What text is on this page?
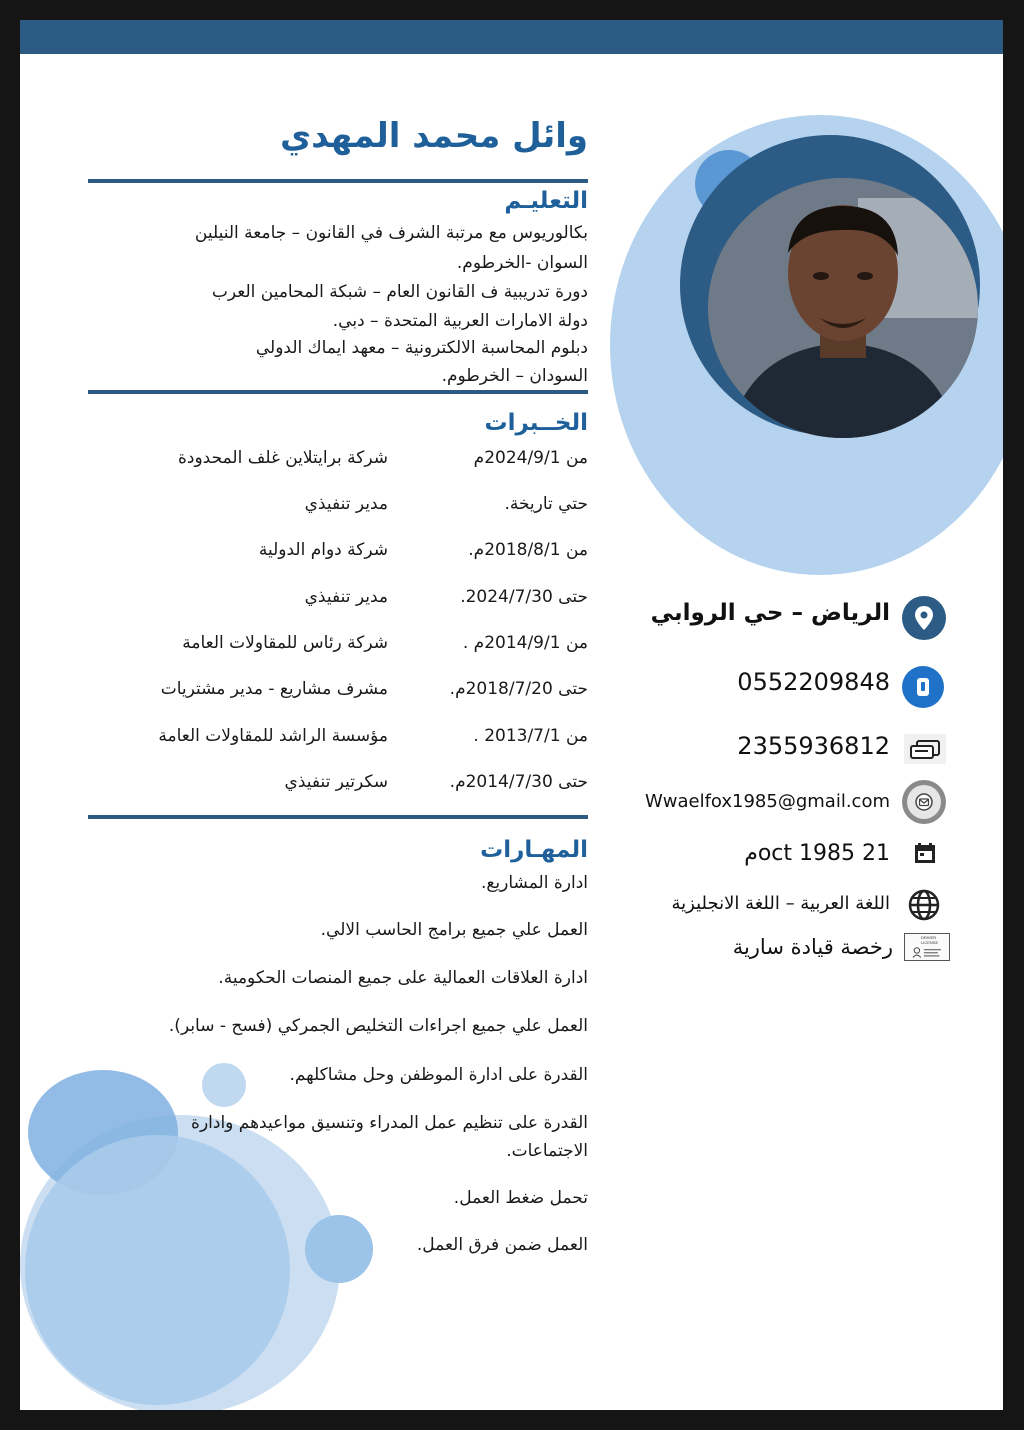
وائل محمد المهدي
التعليـم
بكالوريوس مع مرتبة الشرف في القانون – جامعة النيلين
السوان -الخرطوم.
دورة تدريبية ف القانون العام – شبكة المحامين العرب
دولة الامارات العربية المتحدة – دبي.
دبلوم المحاسبة الالكترونية – معهد ايماك الدولي
السودان – الخرطوم.
الخــبرات
من 2024/9/1م
شركة برايتلاين غلف المحدودة
حتي تاريخة.
مدير تنفيذي
من 2018/8/1م.
شركة دوام الدولية
حتى 2024/7/30.
مدير تنفيذي
من 2014/9/1م .
شركة رئاس للمقاولات العامة
حتى 2018/7/20م.
مشرف مشاريع - مدير مشتريات
من 2013/7/1 .
مؤسسة الراشد للمقاولات العامة
حتى 2014/7/30م.
سكرتير تنفيذي
المهـارات
ادارة المشاريع.
العمل علي جميع برامج الحاسب الالي.
ادارة العلاقات العمالية على جميع المنصات الحكومية.
العمل علي جميع اجراءات التخليص الجمركي (فسح - سابر).
القدرة على ادارة الموظفن وحل مشاكلهم.
القدرة على تنظيم عمل المدراء وتنسيق مواعيدهم وادارة
الاجتماعات.
تحمل ضغط العمل.
العمل ضمن فرق العمل.
الرياض – حي الروابي
0552209848
2355936812
Wwaelfox1985@gmail.com
21 oct 1985م
اللغة العربية – اللغة الانجليزية
رخصة قيادة سارية	DRIVER LICENSE
